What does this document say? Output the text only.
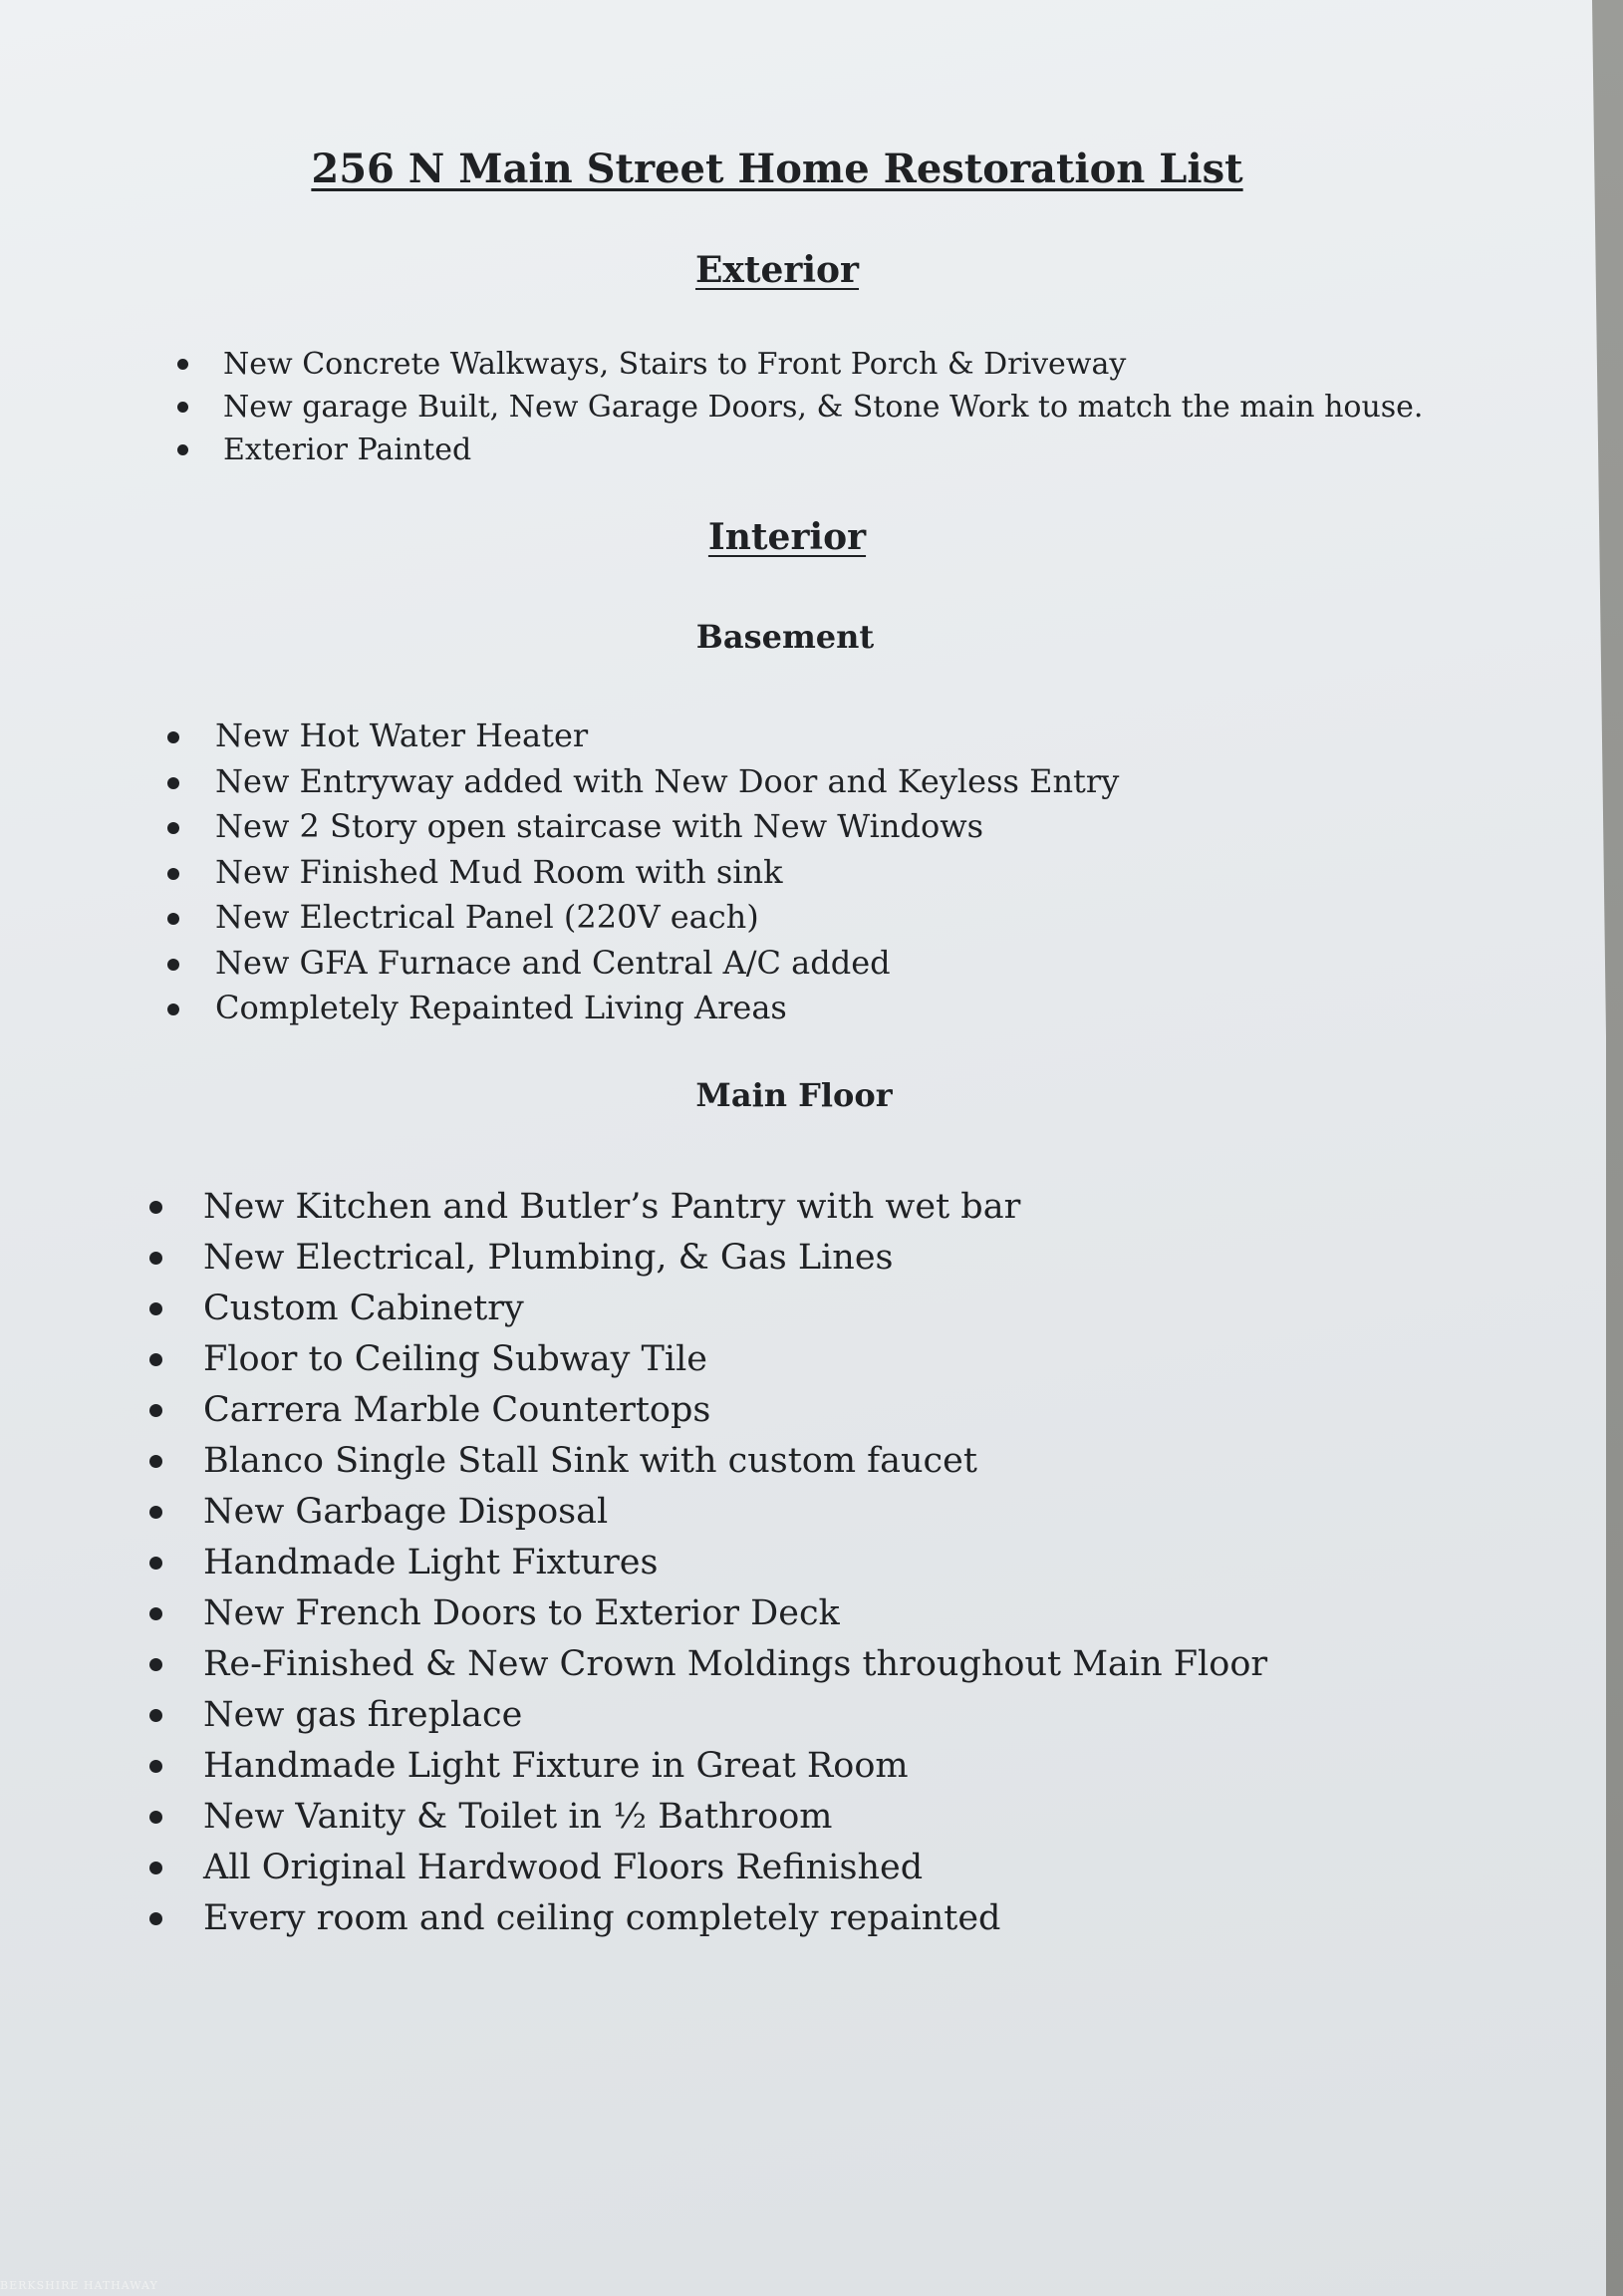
256 N Main Street Home Restoration List
Exterior
New Concrete Walkways, Stairs to Front Porch & Driveway
New garage Built, New Garage Doors, & Stone Work to match the main house.
Exterior Painted
Interior
Basement
New Hot Water Heater
New Entryway added with New Door and Keyless Entry
New 2 Story open staircase with New Windows
New Finished Mud Room with sink
New Electrical Panel (220V each)
New GFA Furnace and Central A/C added
Completely Repainted Living Areas
Main Floor
New Kitchen and Butler’s Pantry with wet bar
New Electrical, Plumbing, & Gas Lines
Custom Cabinetry
Floor to Ceiling Subway Tile
Carrera Marble Countertops
Blanco Single Stall Sink with custom faucet
New Garbage Disposal
Handmade Light Fixtures
New French Doors to Exterior Deck
Re-Finished & New Crown Moldings throughout Main Floor
New gas fireplace
Handmade Light Fixture in Great Room
New Vanity & Toilet in ½ Bathroom
All Original Hardwood Floors Refinished
Every room and ceiling completely repainted
BERKSHIRE HATHAWAY
